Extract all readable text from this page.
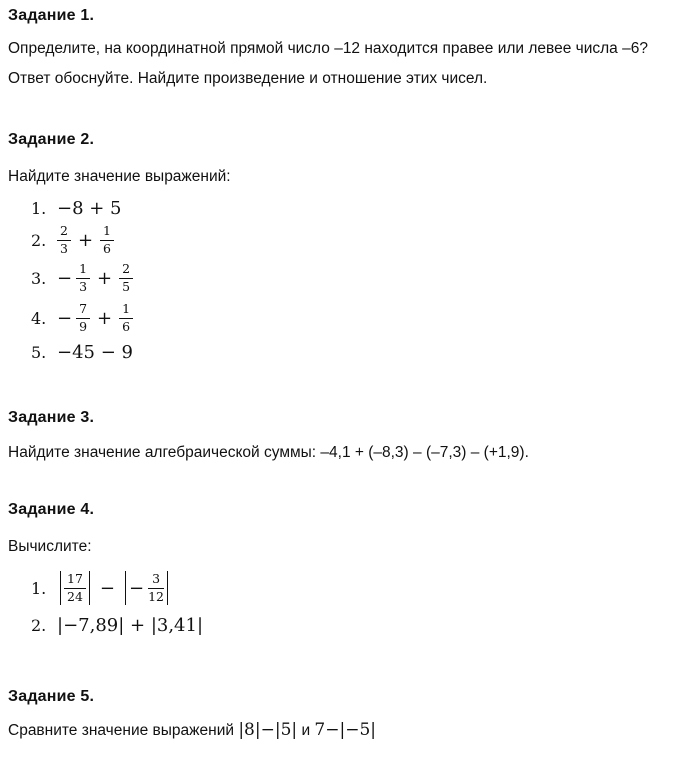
Задание 1.

Определите, на координатной прямой число –12 находится правее или левее числа –6? Ответ обоснуйте. Найдите произведение и отношение этих чисел.

Задание 2.

Найдите значение выражений:

1. −8 + 5
2. $\frac{2}{3} + \frac{1}{6}$
3. − $\frac{1}{3} + \frac{2}{5}$
4. − $\frac{7}{9} + \frac{1}{6}$
5. −45 − 9
Задание 3.

Найдите значение алгебраической суммы: –4,1 + (–8,3) – (–7,3) – (+1,9).

Задание 4.

Вычислите:

1.	$\frac{17}{24}$ − − $\frac{3}{12}$
2. |−7,89| + |3,41|
Задание 5.

Сравните значение выражений |8|−|5| и 7−|−5|
